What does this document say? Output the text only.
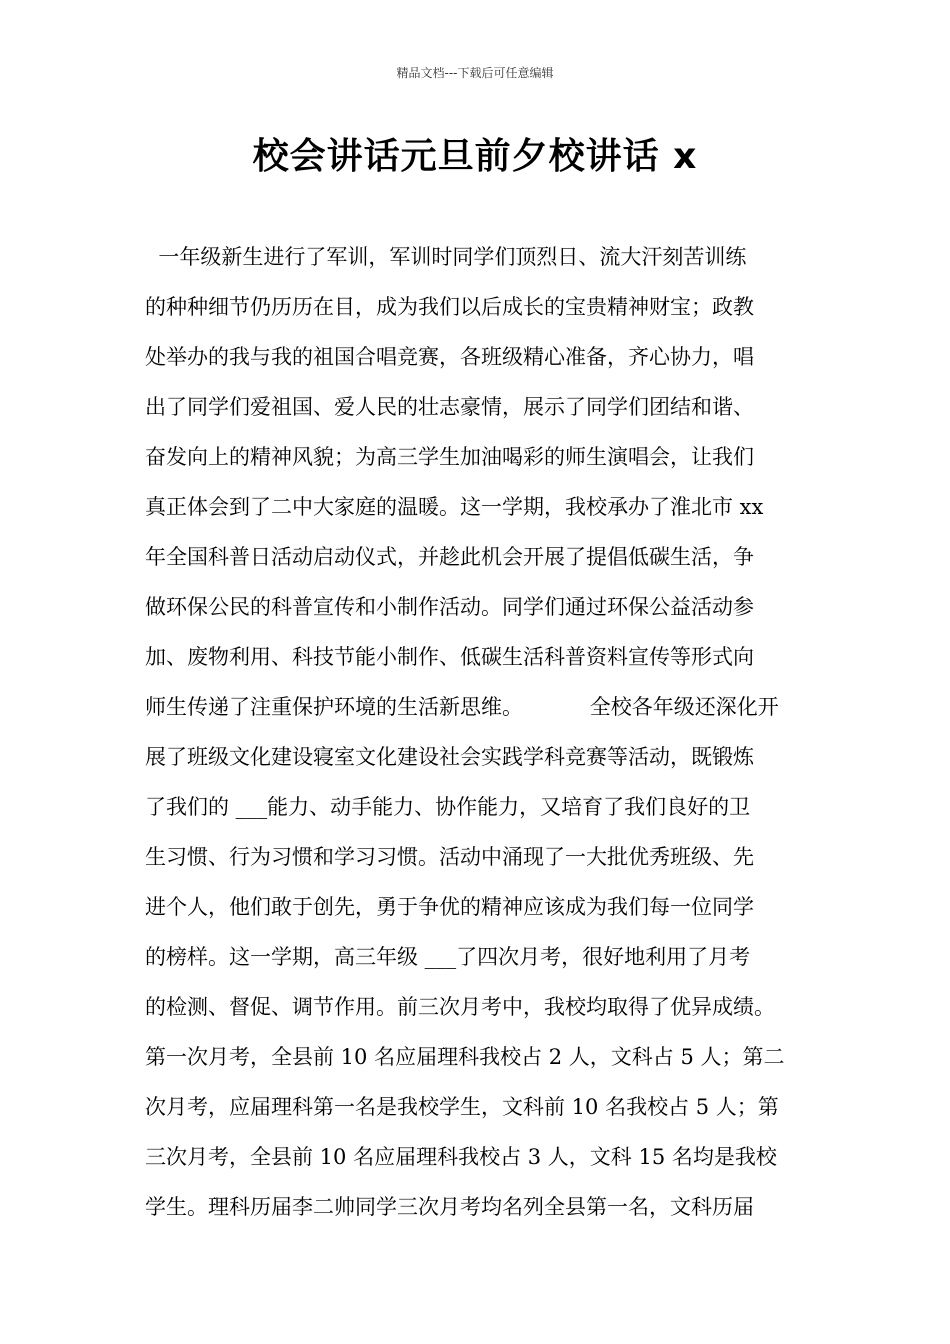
精品文档---下载后可任意编辑
校会讲话元旦前夕校讲话 x
一年级新生进行了军训，军训时同学们顶烈日、流大汗刻苦训练
的种种细节仍历历在目，成为我们以后成长的宝贵精神财宝；政教
处举办的我与我的祖国合唱竞赛，各班级精心准备，齐心协力，唱
出了同学们爱祖国、爱人民的壮志豪情，展示了同学们团结和谐、
奋发向上的精神风貌；为高三学生加油喝彩的师生演唱会，让我们
真正体会到了二中大家庭的温暖。这一学期，我校承办了淮北市 xx
年全国科普日活动启动仪式，并趁此机会开展了提倡低碳生活，争
做环保公民的科普宣传和小制作活动。同学们通过环保公益活动参
加、废物利用、科技节能小制作、低碳生活科普资料宣传等形式向
师生传递了注重保护环境的生活新思维。          全校各年级还深化开
展了班级文化建设寝室文化建设社会实践学科竞赛等活动，既锻炼
了我们的 ___能力、动手能力、协作能力，又培育了我们良好的卫
生习惯、行为习惯和学习习惯。活动中涌现了一大批优秀班级、先
进个人，他们敢于创先，勇于争优的精神应该成为我们每一位同学
的榜样。这一学期，高三年级 ___了四次月考，很好地利用了月考
的检测、督促、调节作用。前三次月考中，我校均取得了优异成绩。
第一次月考，全县前 10 名应届理科我校占 2 人，文科占 5 人；第二
次月考，应届理科第一名是我校学生，文科前 10 名我校占 5 人；第
三次月考，全县前 10 名应届理科我校占 3 人，文科 15 名均是我校
学生。理科历届李二帅同学三次月考均名列全县第一名，文科历届
